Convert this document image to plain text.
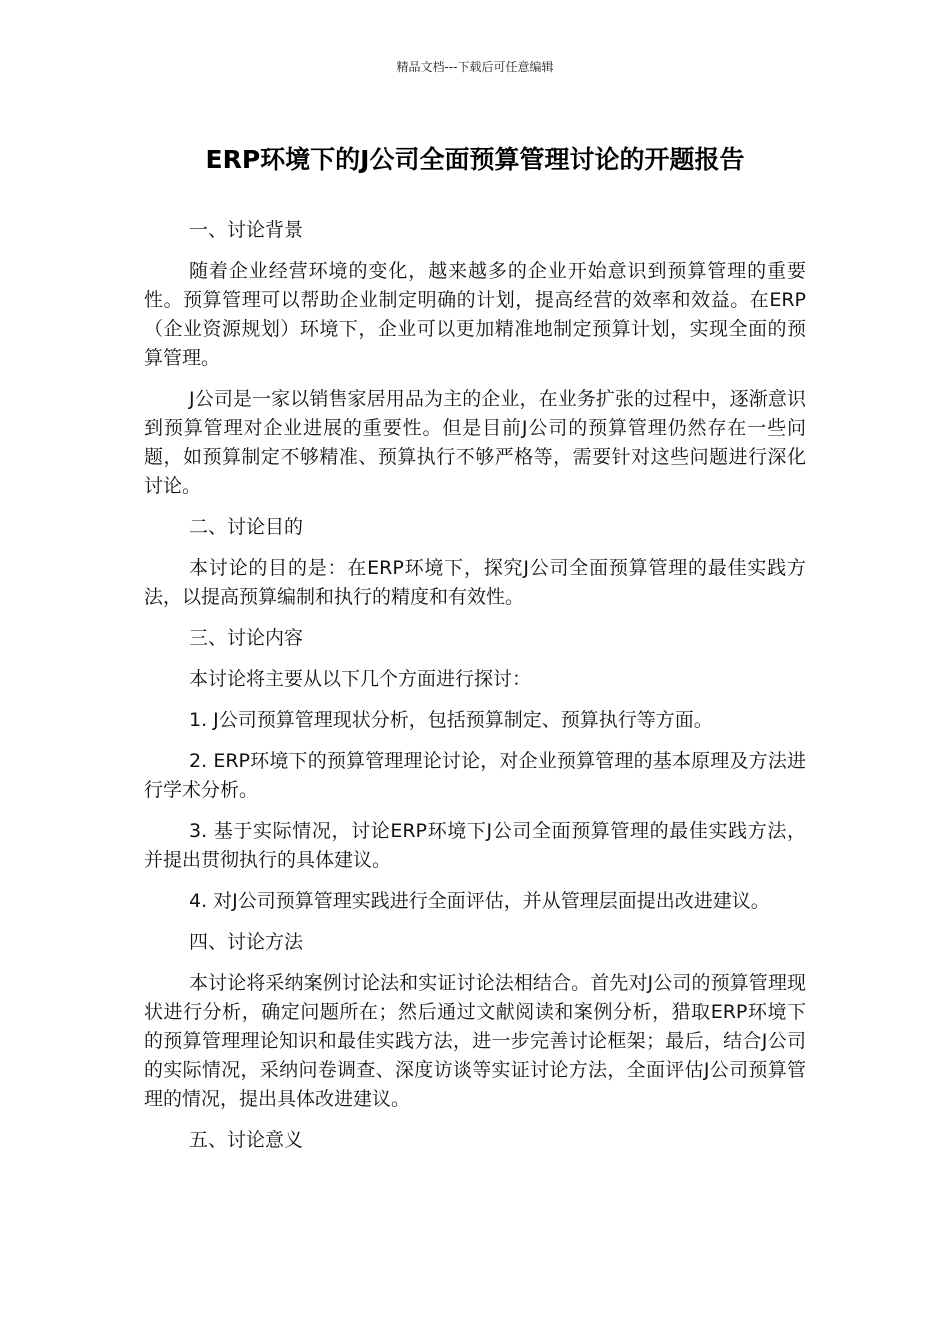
精品文档---下载后可任意编辑
ERP环境下的J公司全面预算管理讨论的开题报告

一、讨论背景

随着企业经营环境的变化，越来越多的企业开始意识到预算管理的重要性。预算管理可以帮助企业制定明确的计划，提高经营的效率和效益。在ERP（企业资源规划）环境下，企业可以更加精准地制定预算计划，实现全面的预算管理。

J公司是一家以销售家居用品为主的企业，在业务扩张的过程中，逐渐意识到预算管理对企业进展的重要性。但是目前J公司的预算管理仍然存在一些问题，如预算制定不够精准、预算执行不够严格等，需要针对这些问题进行深化讨论。

二、讨论目的

本讨论的目的是：在ERP环境下，探究J公司全面预算管理的最佳实践方法，以提高预算编制和执行的精度和有效性。

三、讨论内容

本讨论将主要从以下几个方面进行探讨：

1. J公司预算管理现状分析，包括预算制定、预算执行等方面。

2. ERP环境下的预算管理理论讨论，对企业预算管理的基本原理及方法进行学术分析。

3. 基于实际情况，讨论ERP环境下J公司全面预算管理的最佳实践方法，并提出贯彻执行的具体建议。

4. 对J公司预算管理实践进行全面评估，并从管理层面提出改进建议。

四、讨论方法

本讨论将采纳案例讨论法和实证讨论法相结合。首先对J公司的预算管理现状进行分析，确定问题所在；然后通过文献阅读和案例分析，猎取ERP环境下的预算管理理论知识和最佳实践方法，进一步完善讨论框架；最后，结合J公司的实际情况，采纳问卷调查、深度访谈等实证讨论方法，全面评估J公司预算管理的情况，提出具体改进建议。

五、讨论意义
